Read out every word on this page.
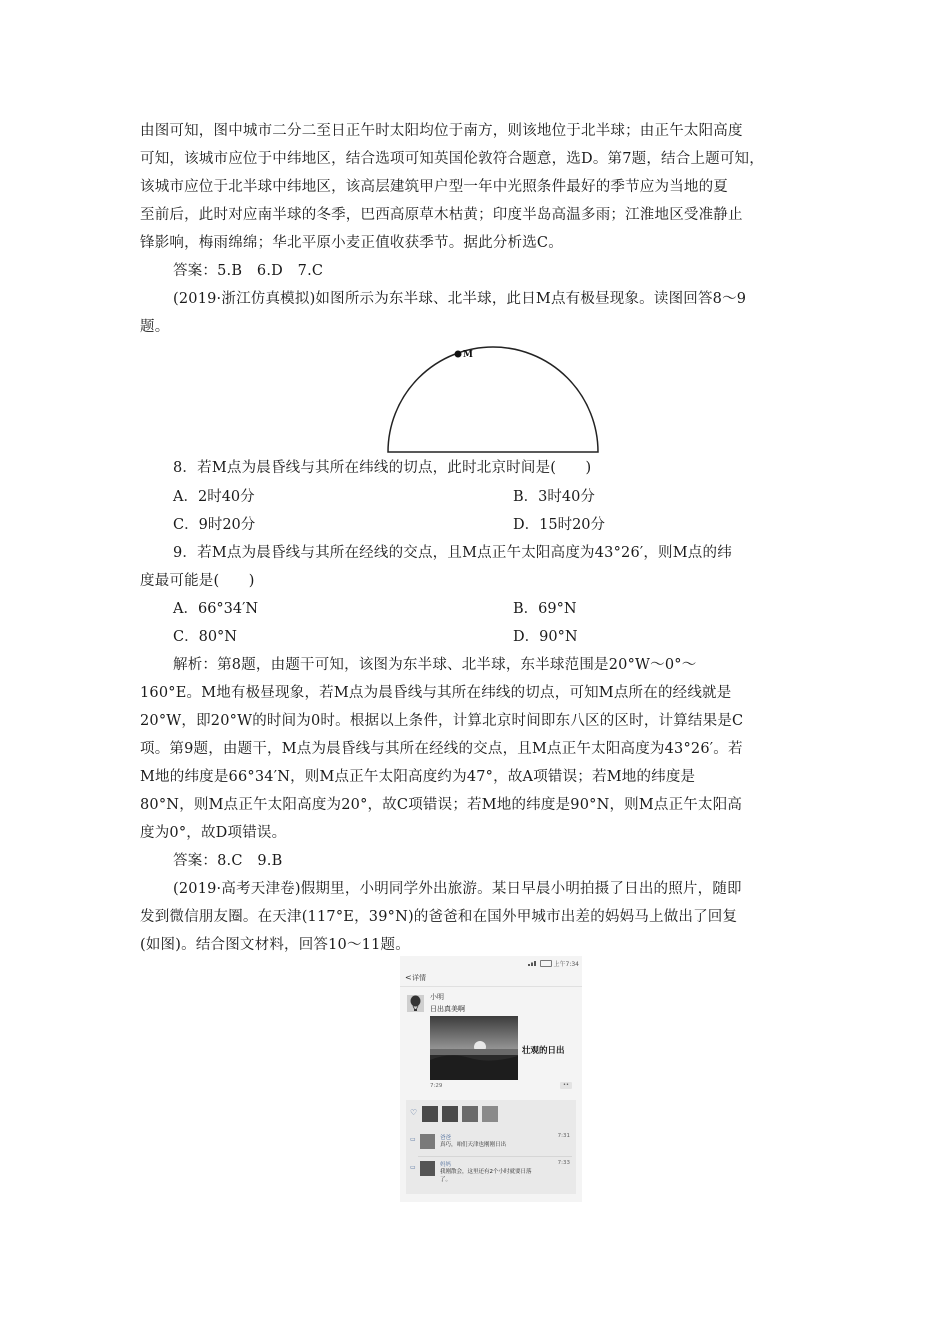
由图可知，图中城市二分二至日正午时太阳均位于南方，则该地位于北半球；由正午太阳高度
可知，该城市应位于中纬地区，结合选项可知英国伦敦符合题意，选D。第7题，结合上题可知，
该城市应位于北半球中纬地区，该高层建筑甲户型一年中光照条件最好的季节应为当地的夏
至前后，此时对应南半球的冬季，巴西高原草木枯黄；印度半岛高温多雨；江淮地区受准静止
锋影响，梅雨绵绵；华北平原小麦正值收获季节。据此分析选C。
答案：5.B　6.D　7.C
(2019·浙江仿真模拟)如图所示为东半球、北半球，此日M点有极昼现象。读图回答8～9
题。
M
8．若M点为晨昏线与其所在纬线的切点，此时北京时间是(　　)
A．2时40分	B．3时40分
C．9时20分	D．15时20分
9．若M点为晨昏线与其所在经线的交点，且M点正午太阳高度为43°26′，则M点的纬
度最可能是(　　)
A．66°34′N	B．69°N
C．80°N	D．90°N
解析：第8题，由题干可知，该图为东半球、北半球，东半球范围是20°W～0°～
160°E。M地有极昼现象，若M点为晨昏线与其所在纬线的切点，可知M点所在的经线就是
20°W，即20°W的时间为0时。根据以上条件，计算北京时间即东八区的区时，计算结果是C
项。第9题，由题干，M点为晨昏线与其所在经线的交点，且M点正午太阳高度为43°26′。若
M地的纬度是66°34′N，则M点正午太阳高度约为47°，故A项错误；若M地的纬度是
80°N，则M点正午太阳高度为20°，故C项错误；若M地的纬度是90°N，则M点正午太阳高
度为0°，故D项错误。
答案：8.C　9.B
(2019·高考天津卷)假期里，小明同学外出旅游。某日早晨小明拍摄了日出的照片，随即
发到微信朋友圈。在天津(117°E，39°N)的爸爸和在国外甲城市出差的妈妈马上做出了回复
(如图)。结合图文材料，回答10～11题。
上午7:34
< 详情
小明
日出真美啊
壮观的日出
7:29	••
♡
▭	爸爸	7:31
真巧，咱们天津也刚刚日出
▭	妈妈	7:33
我刚散会，这里还有2个小时就要日落
了。
